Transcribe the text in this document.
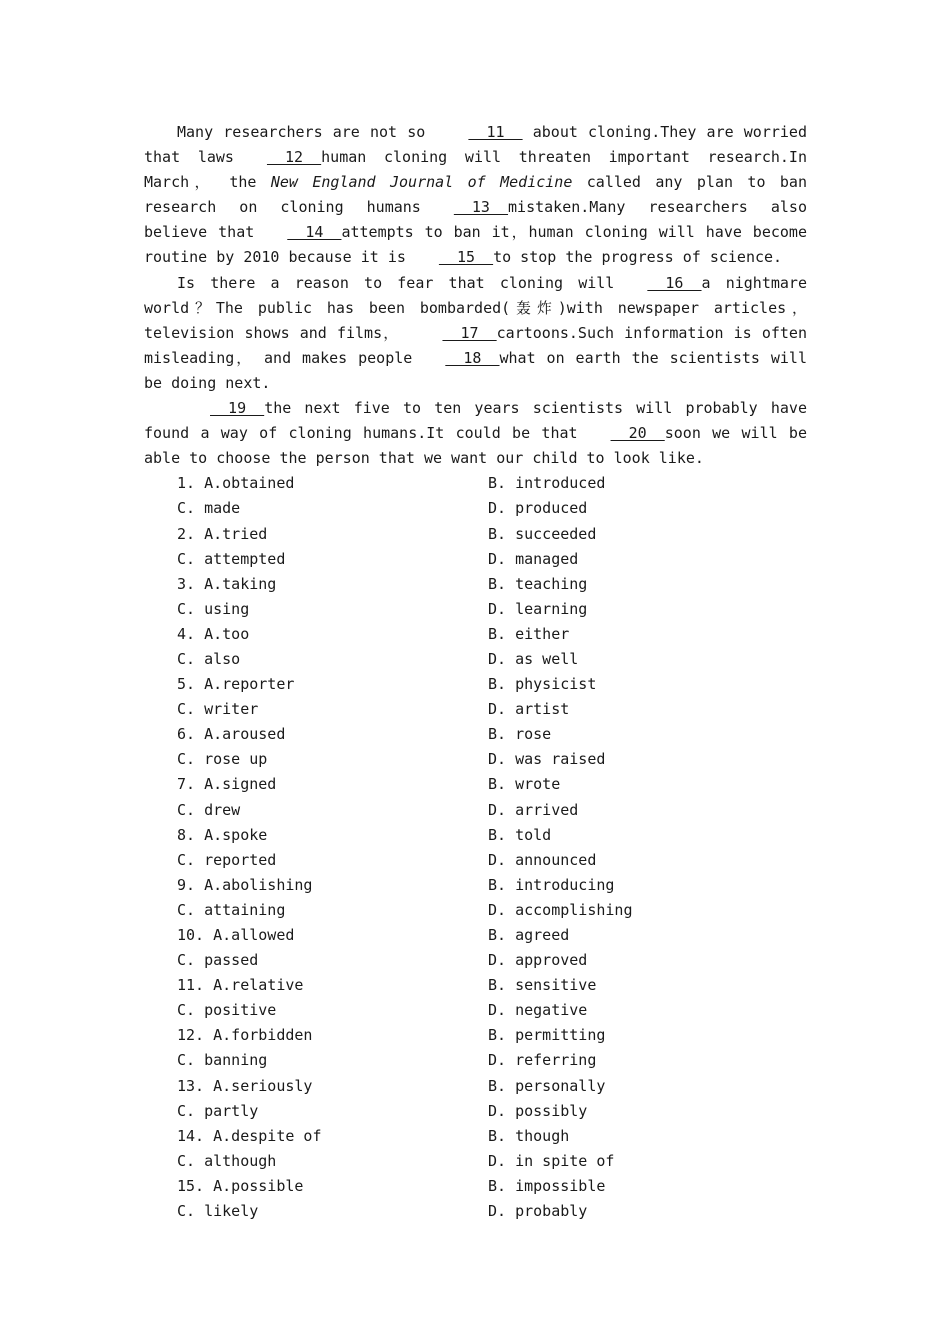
Many researchers are not so   11   about cloning.They are worried that laws  12  human cloning will threaten important research.In March， the New England Journal of Medicine called any plan to ban research on cloning humans  13  mistaken.Many researchers also believe that  14  attempts to ban it，human cloning will have become routine by 2010 because it is  15  to stop the progress of science.

Is there a reason to fear that cloning will  16  a nightmare world？The public has been bombarded(轰炸)with newspaper articles，television shows and films，   17  cartoons.Such information is often misleading， and makes people  18  what on earth the scientists will be doing next.

19  the next five to ten years scientists will probably have found a way of cloning humans.It could be that  20  soon we will be able to choose the person that we want our child to look like.

1. A.obtained	B. introduced
C. made	D. produced
2. A.tried	B. succeeded
C. attempted	D. managed
3. A.taking	B. teaching
C. using	D. learning
4. A.too	B. either
C. also	D. as well
5. A.reporter	B. physicist
C. writer	D. artist
6. A.aroused	B. rose
C. rose up	D. was raised
7. A.signed	B. wrote
C. drew	D. arrived
8. A.spoke	B. told
C. reported	D. announced
9. A.abolishing	B. introducing
C. attaining	D. accomplishing
10. A.allowed	B. agreed
C. passed	D. approved
11. A.relative	B. sensitive
C. positive	D. negative
12. A.forbidden	B. permitting
C. banning	D. referring
13. A.seriously	B. personally
C. partly	D. possibly
14. A.despite of	B. though
C. although	D. in spite of
15. A.possible	B. impossible
C. likely	D. probably
